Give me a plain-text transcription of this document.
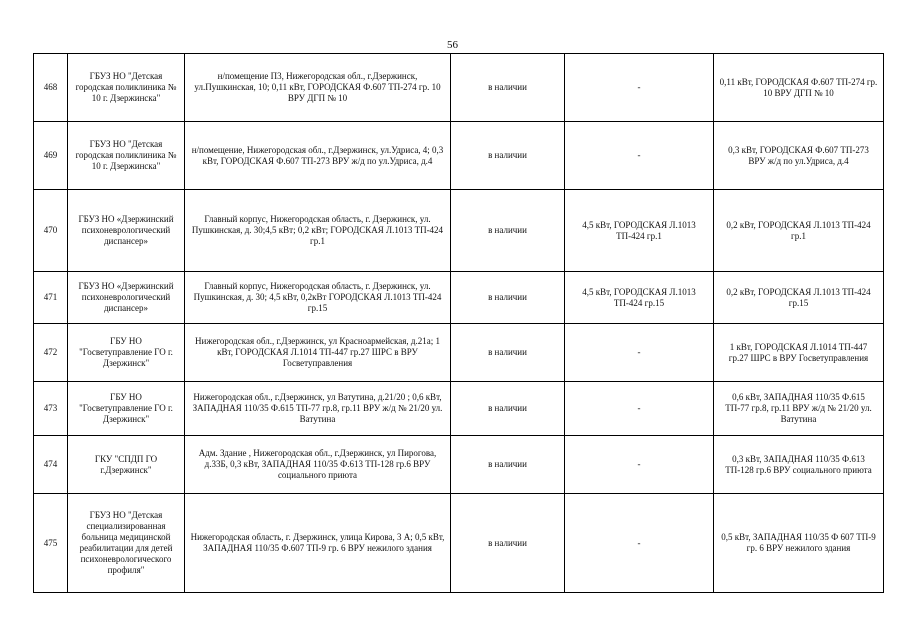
56
468	ГБУЗ НО "Детская городская поликлиника № 10 г. Дзержинска"	н/помещение П3, Нижегородская обл., г.Дзержинск, ул.Пушкинская, 10; 0,11 кВт, ГОРОДСКАЯ Ф.607 ТП-274 гр. 10 ВРУ ДГП № 10	в наличии	-	0,11 кВт, ГОРОДСКАЯ Ф.607 ТП-274 гр. 10 ВРУ ДГП № 10
469	ГБУЗ НО "Детская городская поликлиника № 10 г. Дзержинска"	н/помещение, Нижегородская обл., г.Дзержинск, ул.Удриса, 4; 0,3 кВт, ГОРОДСКАЯ Ф.607 ТП-273 ВРУ ж/д по ул.Удриса, д.4	в наличии	-	0,3 кВт, ГОРОДСКАЯ Ф.607 ТП-273 ВРУ ж/д по ул.Удриса, д.4
470	ГБУЗ НО «Дзержинский психоневрологический диспансер»	Главный корпус, Нижегородская область, г. Дзержинск, ул. Пушкинская, д. 30;4,5 кВт; 0,2 кВт; ГОРОДСКАЯ Л.1013 ТП-424 гр.1	в наличии	4,5 кВт, ГОРОДСКАЯ Л.1013 ТП-424 гр.1	0,2 кВт, ГОРОДСКАЯ Л.1013 ТП-424 гр.1
471	ГБУЗ НО «Дзержинский психоневрологический диспансер»	Главный корпус, Нижегородская область, г. Дзержинск, ул. Пушкинская, д. 30; 4,5 кВт, 0,2кВт ГОРОДСКАЯ Л.1013 ТП-424 гр.15	в наличии	4,5 кВт, ГОРОДСКАЯ Л.1013 ТП-424 гр.15	0,2 кВт, ГОРОДСКАЯ Л.1013 ТП-424 гр.15
472	ГБУ НО "Госветуправление ГО г. Дзержинск"	Нижегородская обл., г.Дзержинск, ул Красноармейская, д.21а; 1 кВт, ГОРОДСКАЯ Л.1014 ТП-447 гр.27 ШРС в ВРУ Госветуправления	в наличии	-	1 кВт, ГОРОДСКАЯ Л.1014 ТП-447 гр.27 ШРС в ВРУ Госветуправления
473	ГБУ НО "Госветуправление ГО г. Дзержинск"	Нижегородская обл., г.Дзержинск, ул Ватутина, д.21/20 ; 0,6 кВт, ЗАПАДНАЯ 110/35 Ф.615 ТП-77 гр.8, гр.11 ВРУ ж/д № 21/20 ул. Ватутина	в наличии	-	0,6 кВт, ЗАПАДНАЯ 110/35 Ф.615 ТП-77 гр.8, гр.11 ВРУ ж/д № 21/20 ул. Ватутина
474	ГКУ "СПДП ГО г.Дзержинск"	Адм. Здание , Нижегородская обл., г.Дзержинск, ул Пирогова, д.33Б, 0,3 кВт, ЗАПАДНАЯ 110/35 Ф.613 ТП-128 гр.6 ВРУ социального приюта	в наличии	-	0,3 кВт, ЗАПАДНАЯ 110/35 Ф.613 ТП-128 гр.6 ВРУ социального приюта
475	ГБУЗ НО "Детская специализированная больница медицинской реабилитации для детей психоневрологического профиля"	Нижегородская область, г. Дзержинск, улица Кирова, 3 А; 0,5 кВт, ЗАПАДНАЯ 110/35 Ф.607 ТП-9 гр. 6 ВРУ нежилого здания	в наличии	-	0,5 кВт, ЗАПАДНАЯ 110/35 Ф 607 ТП-9 гр. 6 ВРУ нежилого здания
